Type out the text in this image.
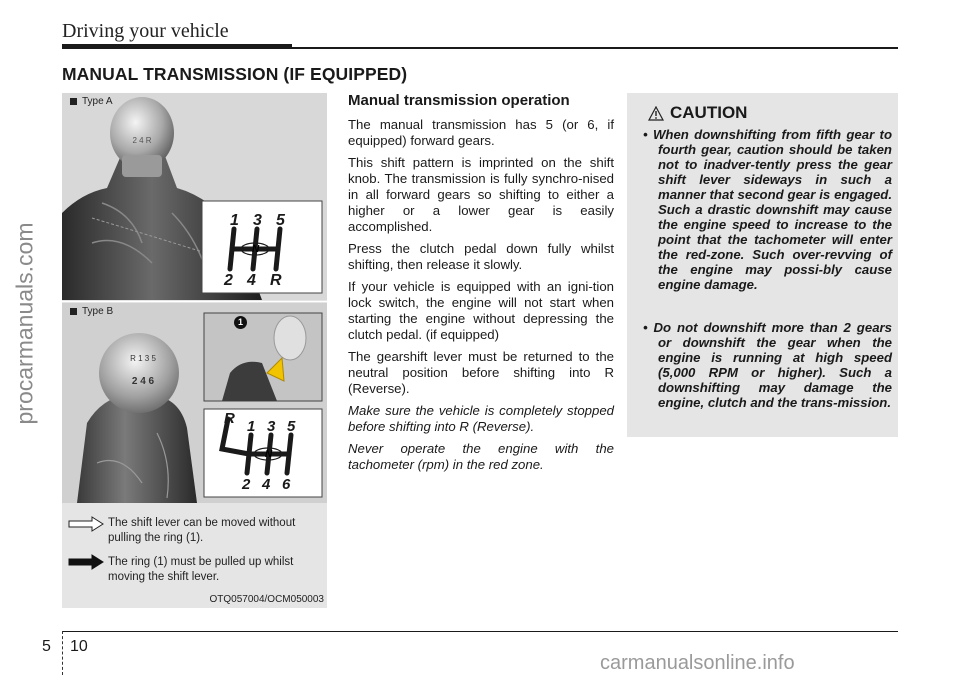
Driving your vehicle
MANUAL TRANSMISSION (IF EQUIPPED)
2 4 R
Type A
N
1 3 5
2 4 R
Type B
R 1 3 5
2 4 6
1
N
R 1 3 5
2 4 6
The shift lever can be moved without pulling the ring (1).
The ring (1) must be pulled up whilst moving the shift lever.
OTQ057004/OCM050003
Manual transmission operation

The manual transmission has 5 (or 6, if equipped) forward gears.

This shift pattern is imprinted on the shift knob. The transmission is fully synchro-nised in all forward gears so shifting to either a higher or a lower gear is easily accomplished.

Press the clutch pedal down fully whilst shifting, then release it slowly.

If your vehicle is equipped with an igni-tion lock switch, the engine will not start when starting the engine without depressing the clutch pedal. (if equipped)

The gearshift lever must be returned to the neutral position before shifting into R (Reverse).

Make sure the vehicle is completely stopped before shifting into R (Reverse).

Never operate the engine with the tachometer (rpm) in the red zone.

CAUTION
• When downshifting from fifth gear to fourth gear, caution should be taken not to inadver-tently press the gear shift lever sideways in such a manner that second gear is engaged. Such a drastic downshift may cause the engine speed to increase to the point that the tachometer will enter the red-zone. Such over-revving of the engine may possi-bly cause engine damage.
• Do not downshift more than 2 gears or downshift the gear when the engine is running at high speed (5,000 RPM or higher). Such a downshifting may damage the engine, clutch and the trans-mission.
5 10
procarmanuals.com
carmanualsonline.info
